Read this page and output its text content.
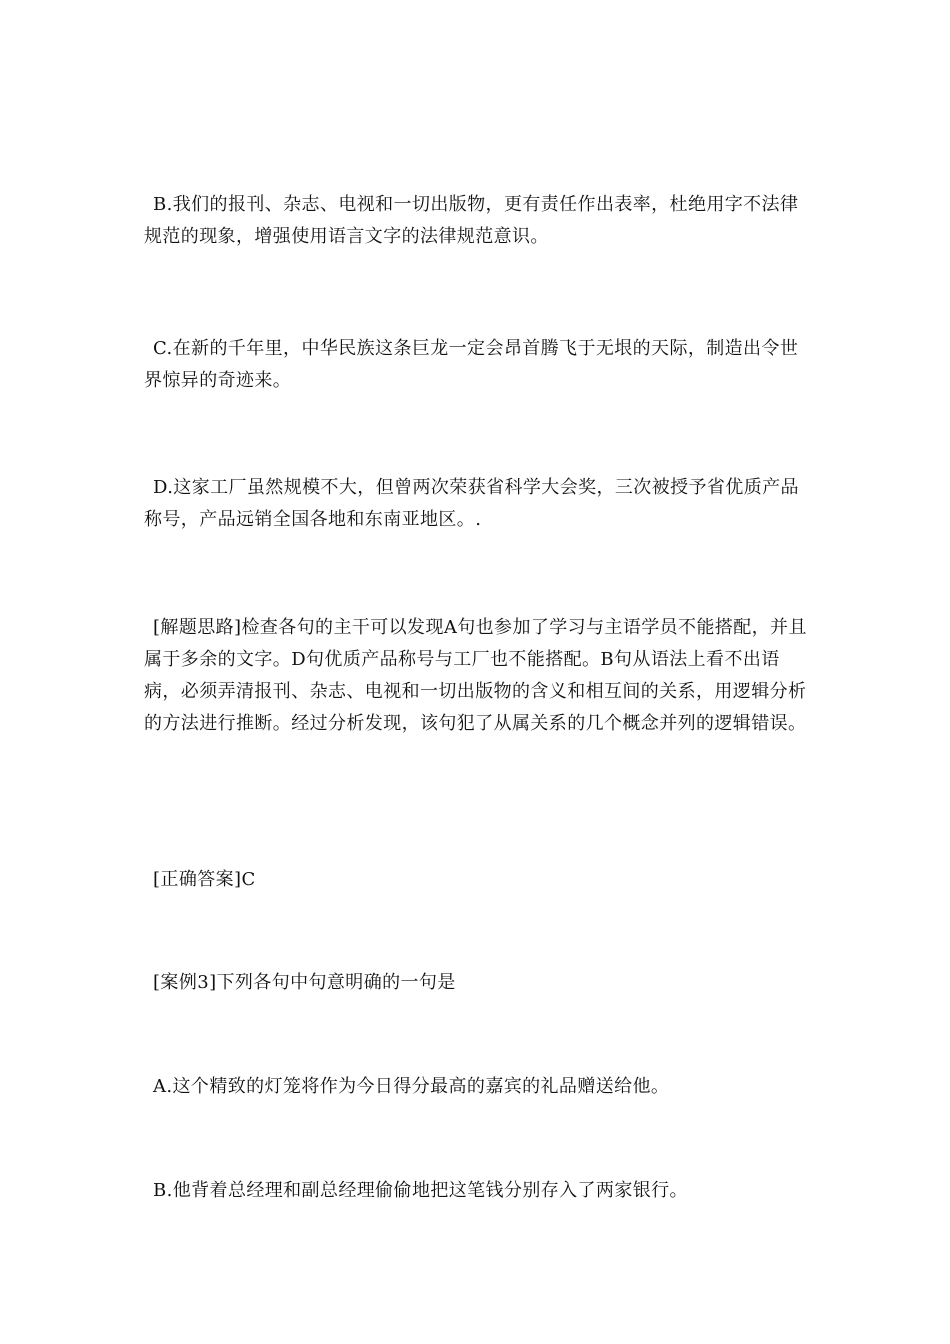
B.我们的报刊、杂志、电视和一切出版物，更有责任作出表率，杜绝用字不法律规范的现象，增强使用语言文字的法律规范意识。

C.在新的千年里，中华民族这条巨龙一定会昂首腾飞于无垠的天际，制造出令世界惊异的奇迹来。

D.这家工厂虽然规模不大，但曾两次荣获省科学大会奖，三次被授予省优质产品称号，产品远销全国各地和东南亚地区。.

[解题思路]检查各句的主干可以发现A句也参加了学习与主语学员不能搭配，并且属于多余的文字。D句优质产品称号与工厂也不能搭配。B句从语法上看不出语病，必须弄清报刊、杂志、电视和一切出版物的含义和相互间的关系，用逻辑分析的方法进行推断。经过分析发现，该句犯了从属关系的几个概念并列的逻辑错误。

[正确答案]C

[案例3]下列各句中句意明确的一句是

A.这个精致的灯笼将作为今日得分最高的嘉宾的礼品赠送给他。

B.他背着总经理和副总经理偷偷地把这笔钱分别存入了两家银行。
